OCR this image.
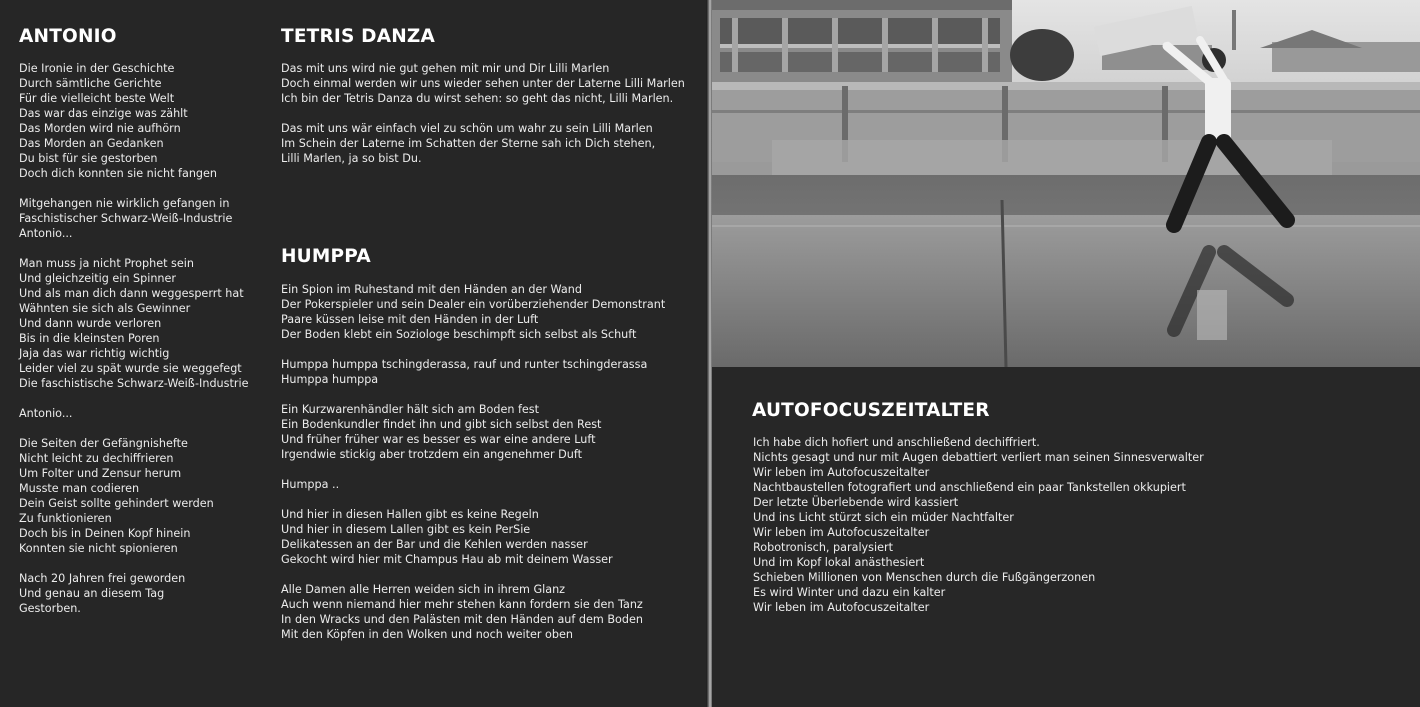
ANTONIO
Die Ironie in der Geschichte
Durch sämtliche Gerichte
Für die vielleicht beste Welt
Das war das einzige was zählt
Das Morden wird nie aufhörn
Das Morden an Gedanken
Du bist für sie gestorben
Doch dich konnten sie nicht fangen
Mitgehangen nie wirklich gefangen in
Faschistischer Schwarz-Weiß-Industrie
Antonio...
Man muss ja nicht Prophet sein
Und gleichzeitig ein Spinner
Und als man dich dann weggesperrt hat
Wähnten sie sich als Gewinner
Und dann wurde verloren
Bis in die kleinsten Poren
Jaja das war richtig wichtig
Leider viel zu spät wurde sie weggefegt
Die faschistische Schwarz-Weiß-Industrie
Antonio...
Die Seiten der Gefängnishefte
Nicht leicht zu dechiffrieren
Um Folter und Zensur herum
Musste man codieren
Dein Geist sollte gehindert werden
Zu funktionieren
Doch bis in Deinen Kopf hinein
Konnten sie nicht spionieren
Nach 20 Jahren frei geworden
Und genau an diesem Tag
Gestorben.
TETRIS DANZA
Das mit uns wird nie gut gehen mit mir und Dir Lilli Marlen
Doch einmal werden wir uns wieder sehen unter der Laterne Lilli Marlen
Ich bin der Tetris Danza du wirst sehen: so geht das nicht, Lilli Marlen.
Das mit uns wär einfach viel zu schön um wahr zu sein Lilli Marlen
Im Schein der Laterne im Schatten der Sterne sah ich Dich stehen,
Lilli Marlen, ja so bist Du.
HUMPPA
Ein Spion im Ruhestand mit den Händen an der Wand
Der Pokerspieler und sein Dealer ein vorüberziehender Demonstrant
Paare küssen leise mit den Händen in der Luft
Der Boden klebt ein Soziologe beschimpft sich selbst als Schuft
Humppa humppa tschingderassa, rauf und runter tschingderassa
Humppa humppa
Ein Kurzwarenhändler hält sich am Boden fest
Ein Bodenkundler findet ihn und gibt sich selbst den Rest
Und früher früher war es besser es war eine andere Luft
Irgendwie stickig aber trotzdem ein angenehmer Duft
Humppa ..
Und hier in diesen Hallen gibt es keine Regeln
Und hier in diesem Lallen gibt es kein PerSie
Delikatessen an der Bar und die Kehlen werden nasser
Gekocht wird hier mit Champus Hau ab mit deinem Wasser
Alle Damen alle Herren weiden sich in ihrem Glanz
Auch wenn niemand hier mehr stehen kann fordern sie den Tanz
In den Wracks und den Palästen mit den Händen auf dem Boden
Mit den Köpfen in den Wolken und noch weiter oben
AUTOFOCUSZEITALTER
Ich habe dich hofiert und anschließend dechiffriert.
Nichts gesagt und nur mit Augen debattiert verliert man seinen Sinnesverwalter
Wir leben im Autofocuszeitalter
Nachtbaustellen fotografiert und anschließend ein paar Tankstellen okkupiert
Der letzte Überlebende wird kassiert
Und ins Licht stürzt sich ein müder Nachtfalter
Wir leben im Autofocuszeitalter
Robotronisch, paralysiert
Und im Kopf lokal anästhesiert
Schieben Millionen von Menschen durch die Fußgängerzonen
Es wird Winter und dazu ein kalter
Wir leben im Autofocuszeitalter
